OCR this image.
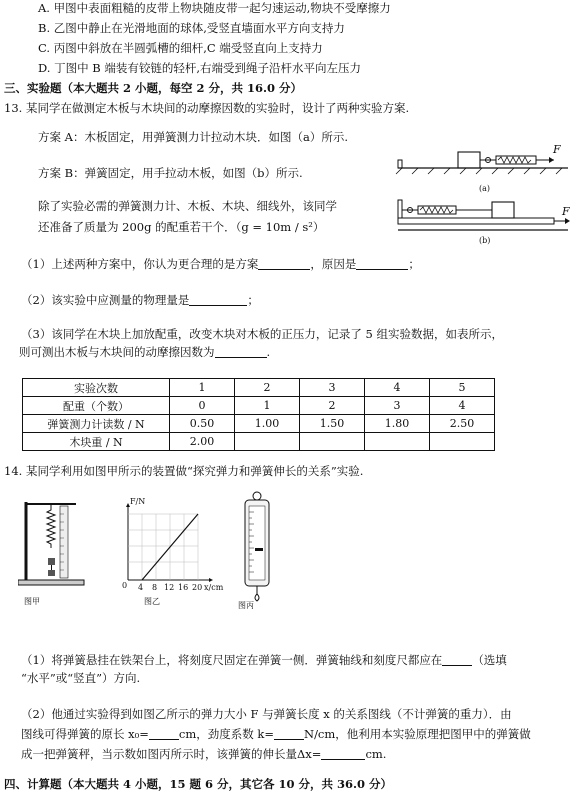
A. 甲图中表面粗糙的皮带上物块随皮带一起匀速运动,物块不受摩擦力
B. 乙图中静止在光滑地面的球体,受竖直墙面水平方向支持力
C. 丙图中斜放在半圆弧槽的细杆,C 端受竖直向上支持力
D. 丁图中 B 端装有铰链的轻杆,右端受到绳子沿杆水平向左压力
三、实验题（本大题共 2 小题，每空 2 分，共 16.0 分）
13. 某同学在做测定木板与木块间的动摩擦因数的实验时，设计了两种实验方案.
方案 A：木板固定，用弹簧测力计拉动木块．如图（a）所示.
方案 B：弹簧固定，用手拉动木板，如图（b）所示.
除了实验必需的弹簧测力计、木板、木块、细线外，该同学
还准备了质量为 200g 的配重若干个．（g = 10m / s²）
F
(a)
F
(b)
（1）上述两种方案中，你认为更合理的是方案	，原因是	；
（2）该实验中应测量的物理量是	；
（3）该同学在木块上加放配重，改变木块对木板的正压力，记录了 5 组实验数据，如表所示，
则可测出木板与木块间的动摩擦因数为	.
实验次数	1	2	3	4	5
配重（个数）	0	1	2	3	4
弹簧测力计读数 / N	0.50	1.00	1.50	1.80	2.50
木块重 / N	2.00				
14. 某同学利用如图甲所示的装置做“探究弹力和弹簧伸长的关系”实验.
图甲
F/N
0 4 8 12 16 20 x/cm
图乙	图丙
（1）将弹簧悬挂在铁架台上，将刻度尺固定在弹簧一侧．弹簧轴线和刻度尺都应在	（选填
“水平”或“竖直”）方向.
（2）他通过实验得到如图乙所示的弹力大小 F 与弹簧长度 x 的关系图线（不计弹簧的重力）．由
图线可得弹簧的原长 x₀=	cm，劲度系数 k=	N/cm，他利用本实验原理把图甲中的弹簧做
成一把弹簧秤，当示数如图丙所示时，该弹簧的伸长量Δx=	cm.
四、计算题（本大题共 4 小题，15 题 6 分，其它各 10 分，共 36.0 分）
